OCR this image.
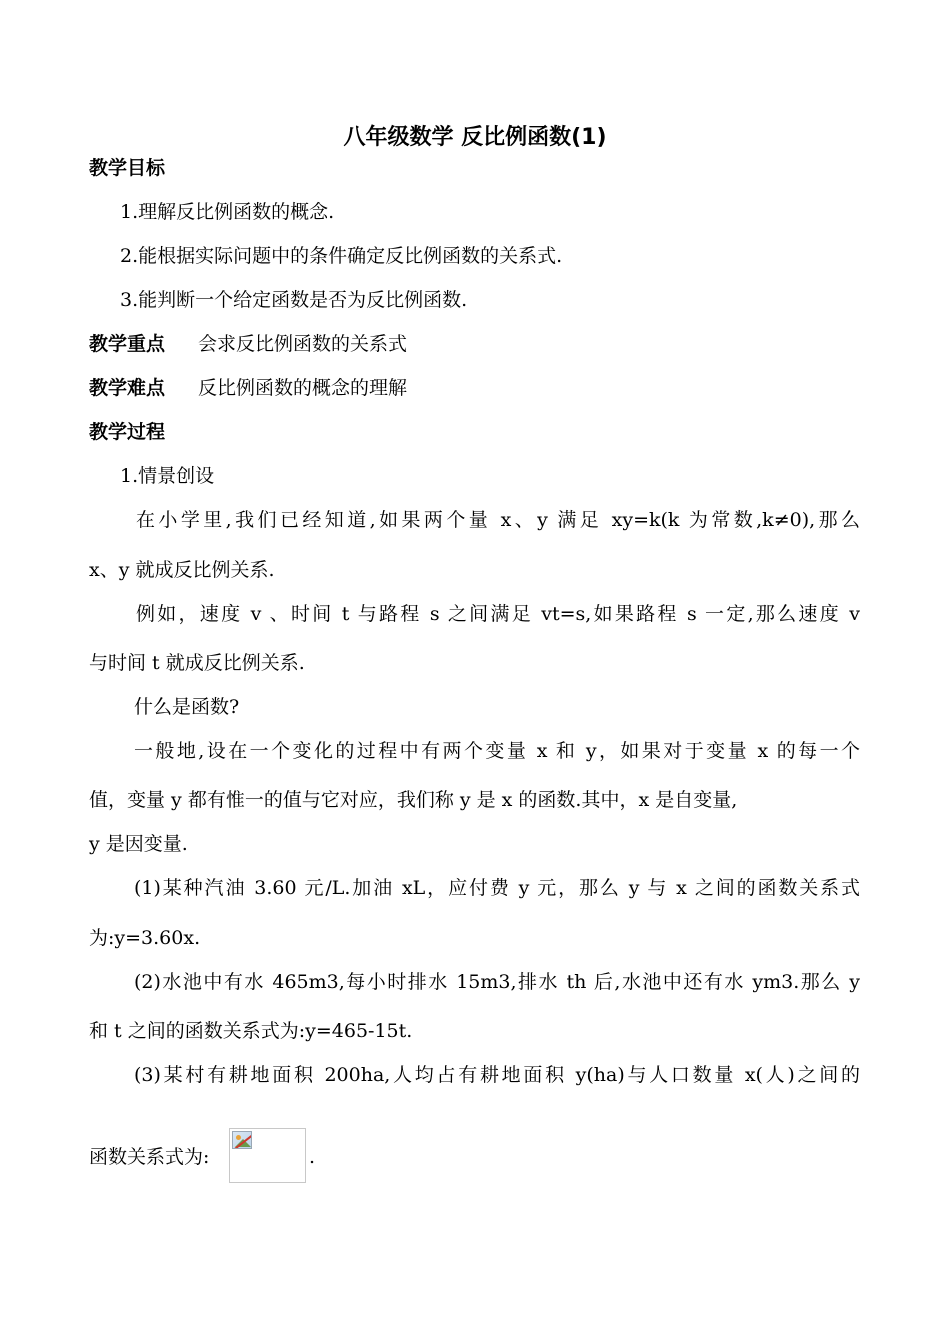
八年级数学 反比例函数(1)
教学目标
1.理解反比例函数的概念.
2.能根据实际问题中的条件确定反比例函数的关系式.
3.能判断一个给定函数是否为反比例函数.
教学重点 会求反比例函数的关系式
教学难点 反比例函数的概念的理解
教学过程
1.情景创设
在小学里,我们已经知道,如果两个量 x、y 满足 xy=k(k 为常数,k≠0),那么
x、y 就成反比例关系.
例如，速度 v 、时间 t 与路程 s 之间满足 vt=s,如果路程 s 一定,那么速度 v
与时间 t 就成反比例关系.
什么是函数?
一般地,设在一个变化的过程中有两个变量 x 和 y，如果对于变量 x 的每一个
值，变量 y 都有惟一的值与它对应，我们称 y 是 x 的函数.其中，x 是自变量,
y 是因变量.
(1)某种汽油 3.60 元/L.加油 xL，应付费 y 元，那么 y 与 x 之间的函数关系式
为:y=3.60x.
(2)水池中有水 465m3,每小时排水 15m3,排水 th 后,水池中还有水 ym3.那么 y
和 t 之间的函数关系式为:y=465-15t.
(3)某村有耕地面积 200ha,人均占有耕地面积 y(ha)与人口数量 x(人)之间的
函数关系式为:	.
